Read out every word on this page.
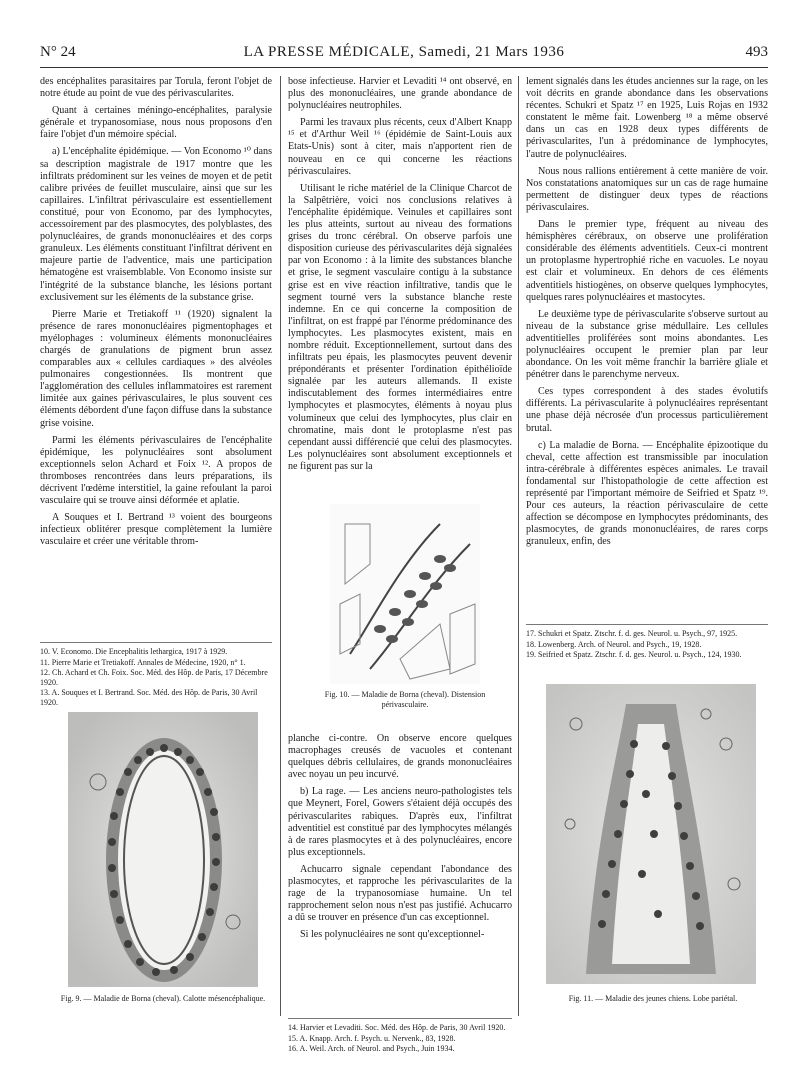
N° 24	LA PRESSE MÉDICALE, Samedi, 21 Mars 1936	493

des encéphalites parasitaires par Torula, feront l'objet de notre étude au point de vue des périvascularites.

Quant à certaines méningo-encéphalites, paralysie générale et trypanosomiase, nous nous proposons d'en faire l'objet d'un mémoire spécial.

a) L'encéphalite épidémique. — Von Economo ¹⁰ dans sa description magistrale de 1917 montre que les infiltrats prédominent sur les veines de moyen et de petit calibre privées de feuillet musculaire, ainsi que sur les capillaires. L'infiltrat périvasculaire est essentiellement constitué, pour von Economo, par des lymphocytes, accessoirement par des plasmocytes, des polyblastes, des polynucléaires, de grands mononucléaires et des corps granuleux. Les éléments constituant l'infiltrat dérivent en majeure partie de l'adventice, mais une participation hématogène est vraisemblable. Von Economo insiste sur l'intégrité de la substance blanche, les lésions portant exclusivement sur les éléments de la substance grise.

Pierre Marie et Tretiakoff ¹¹ (1920) signalent la présence de rares mononucléaires pigmentophages et myélophages : volumineux éléments mononucléaires chargés de granulations de pigment brun assez comparables aux « cellules cardiaques » des alvéoles pulmonaires congestionnées. Ils montrent que l'agglomération des cellules inflammatoires est rarement limitée aux gaines périvasculaires, le plus souvent ces éléments débordent d'une façon diffuse dans la substance grise voisine.

Parmi les éléments périvasculaires de l'encéphalite épidémique, les polynucléaires sont absolument exceptionnels selon Achard et Foix ¹². A propos de thromboses rencontrées dans leurs préparations, ils décrivent l'œdème interstitiel, la gaine refoulant la paroi vasculaire qui se trouve ainsi déformée et aplatie.

A Souques et I. Bertrand ¹³ voient des bourgeons infectieux oblitérer presque complètement la lumière vasculaire et créer une véritable throm-

10. V. Economo. Die Encephalitis lethargica, 1917 à 1929.
11. Pierre Marie et Tretiakoff. Annales de Médecine, 1920, n° 1.
12. Ch. Achard et Ch. Foix. Soc. Méd. des Hôp. de Paris, 17 Décembre 1920.
13. A. Souques et I. Bertrand. Soc. Méd. des Hôp. de Paris, 30 Avril 1920.
Fig. 9. — Maladie de Borna (cheval). Calotte mésencéphalique.

bose infectieuse. Harvier et Levaditi ¹⁴ ont observé, en plus des mononucléaires, une grande abondance de polynucléaires neutrophiles.

Parmi les travaux plus récents, ceux d'Albert Knapp ¹⁵ et d'Arthur Weil ¹⁶ (épidémie de Saint-Louis aux Etats-Unis) sont à citer, mais n'apportent rien de nouveau en ce qui concerne les réactions périvasculaires.

Utilisant le riche matériel de la Clinique Charcot de la Salpêtrière, voici nos conclusions relatives à l'encéphalite épidémique. Veinules et capillaires sont les plus atteints, surtout au niveau des formations grises du tronc cérébral. On observe parfois une disposition curieuse des périvascularites déjà signalées par von Economo : à la limite des substances blanche et grise, le segment vasculaire contigu à la substance grise est en vive réaction infiltrative, tandis que le segment tourné vers la substance blanche reste indemne. En ce qui concerne la composition de l'infiltrat, on est frappé par l'énorme prédominance des lymphocytes. Les plasmocytes existent, mais en nombre réduit. Exceptionnellement, surtout dans des infiltrats peu épais, les plasmocytes peuvent devenir prépondérants et présenter l'ordination épithélioïde signalée par les auteurs allemands. Il existe indiscutablement des formes intermédiaires entre lymphocytes et plasmocytes, éléments à noyau plus volumineux que celui des lymphocytes, plus clair en chromatine, mais dont le protoplasme n'est pas cependant aussi différencié que celui des plasmocytes. Les polynucléaires sont absolument exceptionnels et ne figurent pas sur la

Fig. 10. — Maladie de Borna (cheval). Distension périvasculaire.

planche ci-contre. On observe encore quelques macrophages creusés de vacuoles et contenant quelques débris cellulaires, de grands mononucléaires avec noyau un peu incurvé.

b) La rage. — Les anciens neuro-pathologistes tels que Meynert, Forel, Gowers s'étaient déjà occupés des périvascularites rabiques. D'après eux, l'infiltrat adventitiel est constitué par des lymphocytes mélangés à de rares plasmocytes et à des polynucléaires, encore plus exceptionnels.

Achucarro signale cependant l'abondance des plasmocytes, et rapproche les périvascularites de la rage de la trypanosomiase humaine. Un tel rapprochement selon nous n'est pas justifié. Achucarro a dû se trouver en présence d'un cas exceptionnel.

Si les polynucléaires ne sont qu'exceptionnel-

14. Harvier et Levaditi. Soc. Méd. des Hôp. de Paris, 30 Avril 1920.
15. A. Knapp. Arch. f. Psych. u. Nervenk., 83, 1928.
16. A. Weil. Arch. of Neurol. and Psych., Juin 1934.

lement signalés dans les études anciennes sur la rage, on les voit décrits en grande abondance dans les observations récentes. Schukri et Spatz ¹⁷ en 1925, Luis Rojas en 1932 constatent le même fait. Lowenberg ¹⁸ a même observé dans un cas en 1928 deux types différents de périvascularites, l'un à prédominance de lymphocytes, l'autre de polynucléaires.

Nous nous rallions entièrement à cette manière de voir. Nos constatations anatomiques sur un cas de rage humaine permettent de distinguer deux types de réactions périvasculaires.

Dans le premier type, fréquent au niveau des hémisphères cérébraux, on observe une prolifération considérable des éléments adventitiels. Ceux-ci montrent un protoplasme hypertrophié riche en vacuoles. Le noyau est clair et volumineux. En dehors de ces éléments adventitiels histiogènes, on observe quelques lymphocytes, quelques rares polynucléaires et mastocytes.

Le deuxième type de périvascularite s'observe surtout au niveau de la substance grise médullaire. Les cellules adventitielles proliférées sont moins abondantes. Les polynucléaires occupent le premier plan par leur abondance. On les voit même franchir la barrière gliale et pénétrer dans le parenchyme nerveux.

Ces types correspondent à des stades évolutifs différents. La périvascularite à polynucléaires représentant une phase déjà nécrosée d'un processus particulièrement brutal.

c) La maladie de Borna. — Encéphalite épizootique du cheval, cette affection est transmissible par inoculation intra-cérébrale à différentes espèces animales. Le travail fondamental sur l'histopathologie de cette affection est représenté par l'important mémoire de Seifried et Spatz ¹⁹. Pour ces auteurs, la réaction périvasculaire de cette affection se décompose en lymphocytes prédominants, des plasmocytes, de grands mononucléaires, de rares corps granuleux, enfin, des

17. Schukri et Spatz. Ztschr. f. d. ges. Neurol. u. Psych., 97, 1925.
18. Lowenberg. Arch. of Neurol. and Psych., 19, 1928.
19. Seifried et Spatz. Ztschr. f. d. ges. Neurol. u. Psych., 124, 1930.
Fig. 11. — Maladie des jeunes chiens. Lobe pariétal.
